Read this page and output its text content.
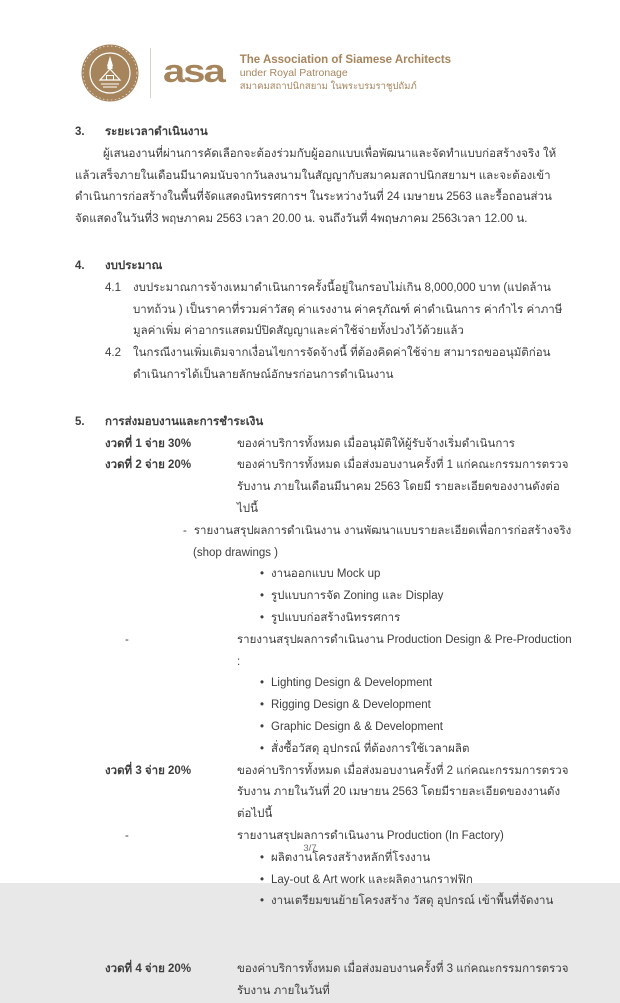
asa The Association of Siamese Architects
under Royal Patronage
สมาคมสถาปนิกสยาม ในพระบรมราชูปถัมภ์
3. ระยะเวลาดำเนินงาน
ผู้เสนองานที่ผ่านการคัดเลือกจะต้องร่วมกับผู้ออกแบบเพื่อพัฒนาและจัดทำแบบก่อสร้างจริง ให้แล้วเสร็จภายในเดือนมีนาคมนับจากวันลงนามในสัญญากับสมาคมสถาปนิกสยามฯ และจะต้องเข้าดำเนินการก่อสร้างในพื้นที่จัดแสดงนิทรรศการฯ ในระหว่างวันที่ 24 เมษายน 2563 และรื้อถอนส่วนจัดแสดงในวันที่3 พฤษภาคม 2563 เวลา 20.00 น. จนถึงวันที่ 4พฤษภาคม 2563เวลา 12.00 น.
4. งบประมาณ
4.1	งบประมาณการจ้างเหมาดำเนินการครั้งนี้อยู่ในกรอบไม่เกิน 8,000,000 บาท (แปดล้านบาทถ้วน ) เป็นราคาที่รวมค่าวัสดุ ค่าแรงงาน ค่าครุภัณฑ์ ค่าดำเนินการ ค่ากำไร ค่าภาษีมูลค่าเพิ่ม ค่าอากรแสตมป์ปิดสัญญาและค่าใช้จ่ายทั้งปวงไว้ด้วยแล้ว
4.2	ในกรณีงานเพิ่มเติมจากเงื่อนไขการจัดจ้างนี้ ที่ต้องคิดค่าใช้จ่าย สามารถขออนุมัติก่อนดำเนินการได้เป็นลายลักษณ์อักษรก่อนการดำเนินงาน
5. การส่งมอบงานและการชำระเงิน
งวดที่ 1 จ่าย 30%	ของค่าบริการทั้งหมด เมื่ออนุมัติให้ผู้รับจ้างเริ่มดำเนินการ
งวดที่ 2 จ่าย 20%	ของค่าบริการทั้งหมด เมื่อส่งมอบงานครั้งที่ 1 แก่คณะกรรมการตรวจรับงาน ภายในเดือนมีนาคม 2563 โดยมี รายละเอียดของงานดังต่อไปนี้
- รายงานสรุปผลการดำเนินงาน งานพัฒนาแบบรายละเอียดเพื่อการก่อสร้างจริง
(shop drawings )
• งานออกแบบ Mock up
• รูปแบบการจัด Zoning และ Display
• รูปแบบก่อสร้างนิทรรศการ
-	รายงานสรุปผลการดำเนินงาน Production Design & Pre-Production :
• Lighting Design & Development
• Rigging Design & Development
• Graphic Design & & Development
• สั่งซื้อวัสดุ อุปกรณ์ ที่ต้องการใช้เวลาผลิต
งวดที่ 3 จ่าย 20%	ของค่าบริการทั้งหมด เมื่อส่งมอบงานครั้งที่ 2 แก่คณะกรรมการตรวจรับงาน ภายในวันที่ 20 เมษายน 2563 โดยมีรายละเอียดของงานดังต่อไปนี้
-	รายงานสรุปผลการดำเนินงาน Production (In Factory)
• ผลิตงานโครงสร้างหลักที่โรงงาน
• Lay-out & Art work และผลิตงานกราฟฟิก
• งานเตรียมขนย้ายโครงสร้าง วัสดุ อุปกรณ์ เข้าพื้นที่จัดงาน
งวดที่ 4 จ่าย 20%	ของค่าบริการทั้งหมด เมื่อส่งมอบงานครั้งที่ 3 แก่คณะกรรมการตรวจรับงาน ภายในวันที่
3/7
